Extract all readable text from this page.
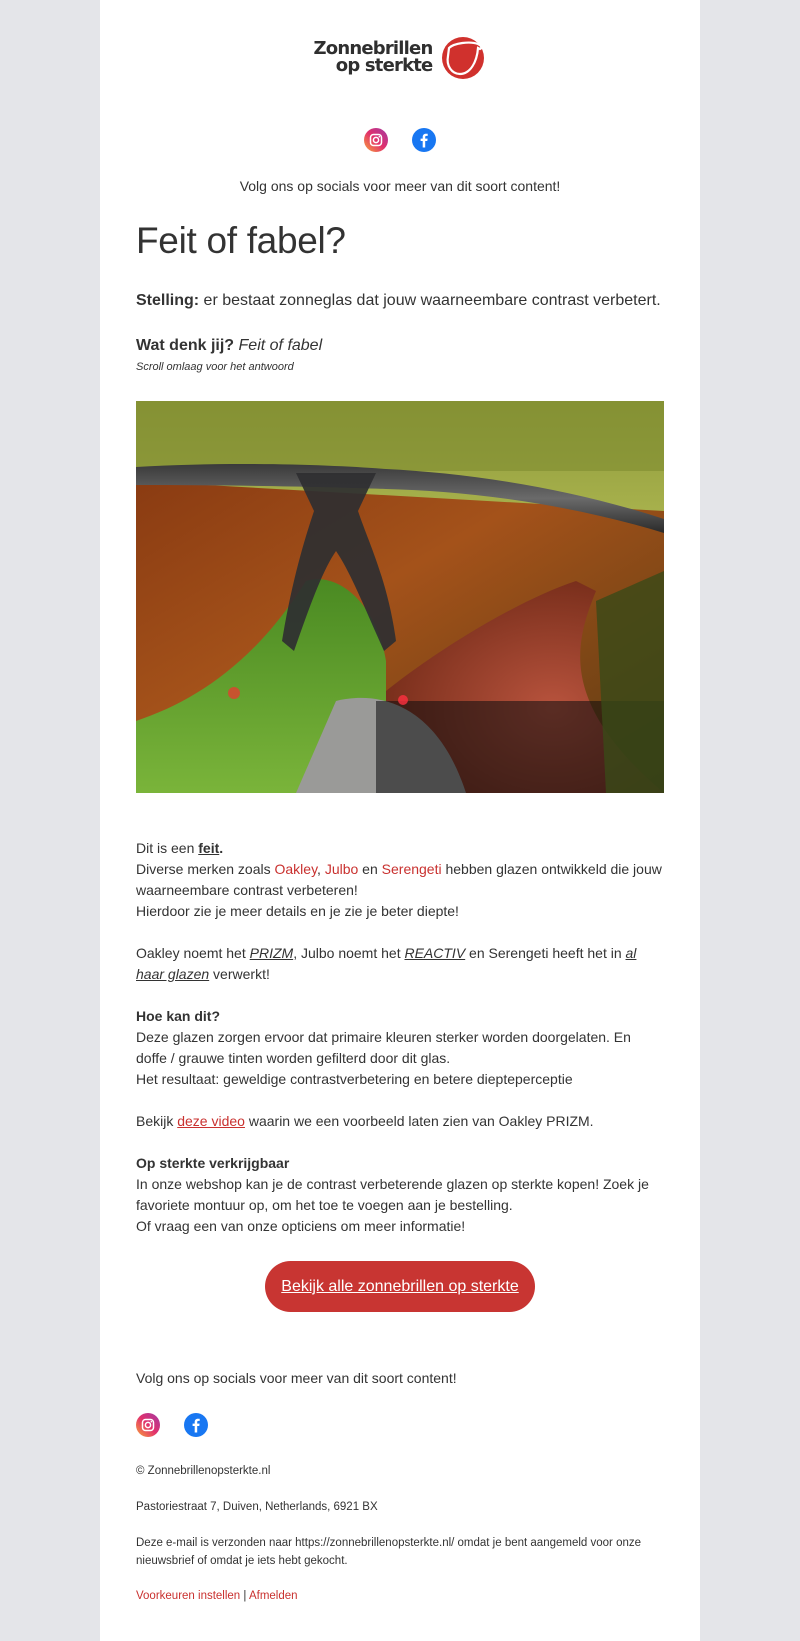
Zonnebrillen
op sterkte
Volg ons op socials voor meer van dit soort content!
Feit of fabel?

Stelling: er bestaat zonneglas dat jouw waarneembare contrast verbetert.

Wat denk jij? Feit of fabel

Scroll omlaag voor het antwoord

Dit is een feit.
Diverse merken zoals Oakley, Julbo en Serengeti hebben glazen ontwikkeld die jouw waarneembare contrast verbeteren!
Hierdoor zie je meer details en je zie je beter diepte!
Oakley noemt het PRIZM, Julbo noemt het REACTIV en Serengeti heeft het in al haar glazen verwerkt!
Hoe kan dit?
Deze glazen zorgen ervoor dat primaire kleuren sterker worden doorgelaten. En doffe / grauwe tinten worden gefilterd door dit glas.
Het resultaat: geweldige contrastverbetering en betere diepteperceptie
Bekijk deze video waarin we een voorbeeld laten zien van Oakley PRIZM.
Op sterkte verkrijgbaar
In onze webshop kan je de contrast verbeterende glazen op sterkte kopen! Zoek je favoriete montuur op, om het toe te voegen aan je bestelling.
Of vraag een van onze opticiens om meer informatie!
Bekijk alle zonnebrillen op sterkte
Volg ons op socials voor meer van dit soort content!
© Zonnebrillenopsterkte.nl
Pastoriestraat 7, Duiven, Netherlands, 6921 BX
Deze e-mail is verzonden naar https://zonnebrillenopsterkte.nl/ omdat je bent aangemeld voor onze nieuwsbrief of omdat je iets hebt gekocht.
Voorkeuren instellen | Afmelden
